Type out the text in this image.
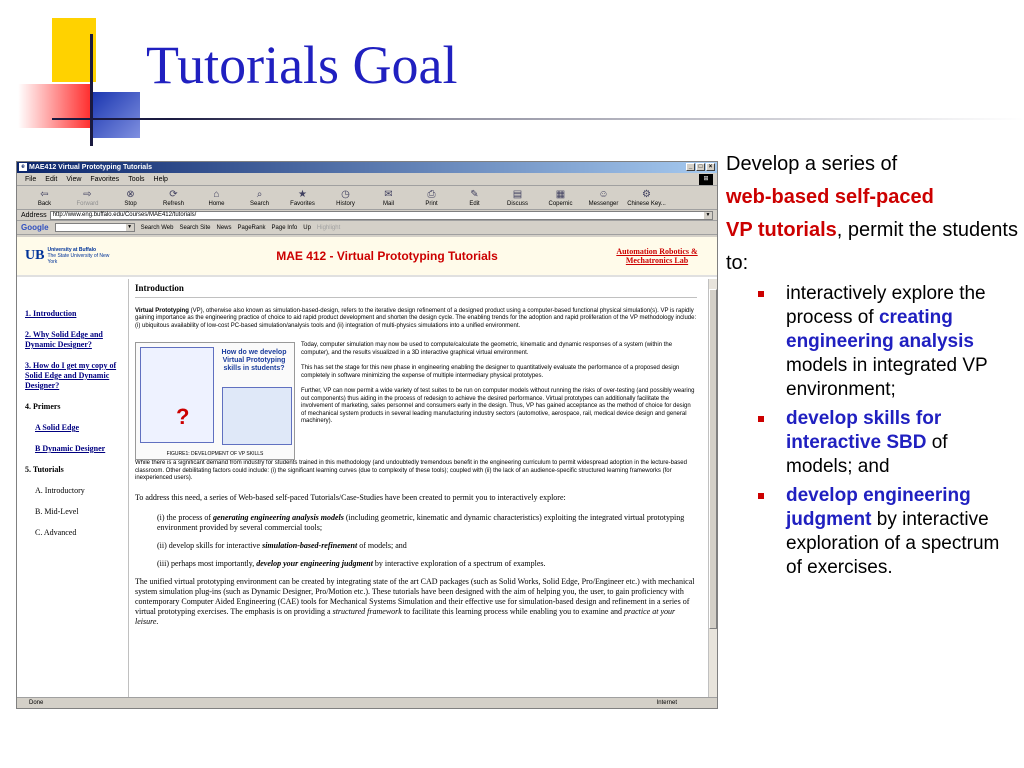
Tutorials Goal
e MAE412 Virtual Prototyping Tutorials	_	□	×
File Edit View Favorites Tools Help	⊞
⇦
Back
⇨
Forward
⊗
Stop
⟳
Refresh
⌂
Home
⌕
Search
★
Favorites
◷
History
✉
Mail
⎙
Print
✎
Edit
▤
Discuss
▦
Copernic
☺
Messenger
⚙
Chinese Key...
Address	http://www.eng.buffalo.edu/Courses/MAE412/tutorials/	▼
Google	▼ Search Web Search Site News PageRank Page Info Up Highlight
UB University at Buffalo
The State University of New York	MAE 412 - Virtual Prototyping Tutorials	Automation Robotics &
Mechatronics Lab
1. Introduction
2. Why Solid Edge and Dynamic Designer?
3. How do I get my copy of Solid Edge and Dynamic Designer?
4. Primers
A Solid Edge
B Dynamic Designer
5. Tutorials
A. Introductory
B. Mid-Level
C. Advanced
Introduction

Virtual Prototyping (VP), otherwise also known as simulation-based-design, refers to the iterative design refinement of a designed product using a computer-based functional physical simulation(s). VP is rapidly gaining importance as the engineering practice of choice to aid rapid product development and shorten the design cycle. The enabling trends for the adoption and rapid proliferation of the VP methodology include: (i) ubiquitous availability of low-cost PC-based simulation/analysis tools and (ii) integration of multi-physics simulations into a unified environment.

How do we develop Virtual Prototyping skills in students?
?
FIGURE1: DEVELOPMENT OF VP SKILLS

Today, computer simulation may now be used to compute/calculate the geometric, kinematic and dynamic responses of a system (within the computer), and the results visualized in a 3D interactive graphical virtual environment.

This has set the stage for this new phase in engineering enabling the designer to quantitatively evaluate the performance of a proposed design completely in software minimizing the expense of multiple intermediary physical prototypes.

Further, VP can now permit a wide variety of test suites to be run on computer models without running the risks of over-testing (and possibly wearing out components) thus aiding in the process of redesign to achieve the desired performance. Virtual prototypes can additionally facilitate the involvement of marketing, sales personnel and consumers early in the design. Thus, VP has gained acceptance as the method of choice for design of mechanical system products in several leading manufacturing industry sectors (automotive, aerospace, rail, medical device design and general machinery).

While there is a significant demand from industry for students trained in this methodology (and undoubtedly tremendous benefit in the engineering curriculum to permit widespread adoption in the lecture-based classroom. Other debilitating factors could include: (i) the significant learning curves (due to complexity of these tools); coupled with (ii) the lack of an audience-specific structured learning frameworks (for inexperienced users).

To address this need, a series of Web-based self-paced Tutorials/Case-Studies have been created to permit you to interactively explore:

(i) the process of generating engineering analysis models (including geometric, kinematic and dynamic characteristics) exploiting the integrated virtual prototyping environment provided by several commercial tools;

(ii) develop skills for interactive simulation-based-refinement of models; and

(iii) perhaps most importantly, develop your engineering judgment by interactive exploration of a spectrum of examples.

The unified virtual prototyping environment can be created by integrating state of the art CAD packages (such as Solid Works, Solid Edge, Pro/Engineer etc.) with mechanical system simulation plug-ins (such as Dynamic Designer, Pro/Motion etc.). These tutorials have been designed with the aim of helping you, the user, to gain proficiency with contemporary Computer Aided Engineering (CAE) tools for Mechanical Systems Simulation and their effective use for simulation-based design and refinement in a series of virtual prototyping exercises. The emphasis is on providing a structured framework to facilitate this learning process while enabling you to examine and practice at your leisure.

Done	Internet
Develop a series of
web-based self-paced
VP tutorials, permit the students to:
interactively explore the process of creating engineering analysis models in integrated VP environment;
develop skills for interactive SBD of models; and
develop engineering judgment by interactive exploration of a spectrum of exercises.
